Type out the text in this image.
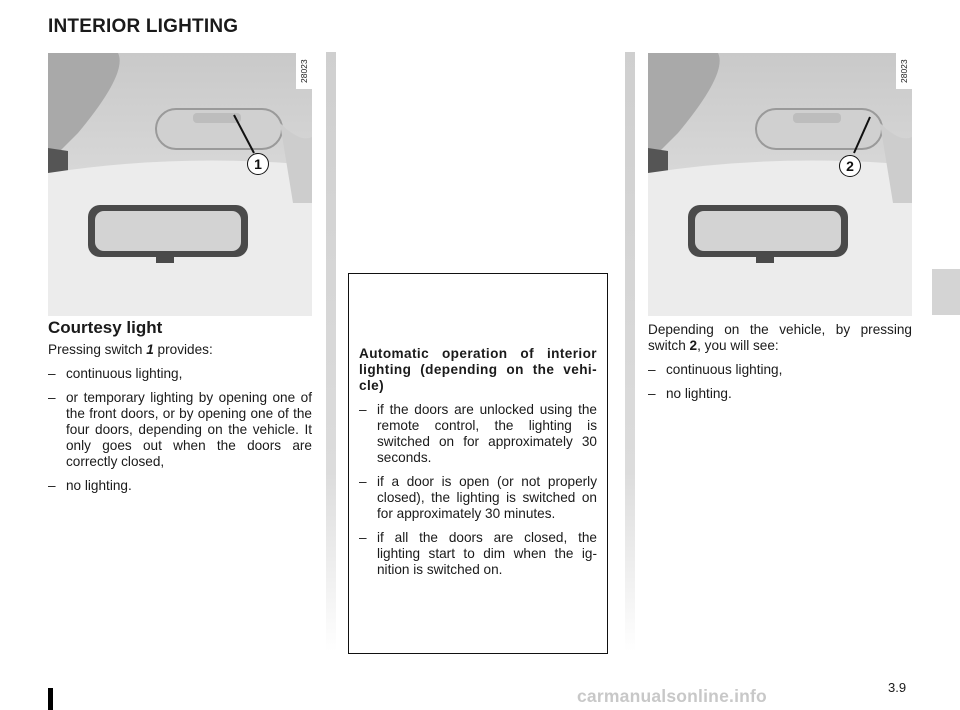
INTERIOR LIGHTING
28023
1
28023
2
Courtesy light

Pressing switch 1 provides:

– continuous lighting,

– or temporary lighting by opening one of the front doors, or by opening one of the four doors, depending on the vehicle. It only goes out when the doors are correctly closed,

– no lighting.

Automatic operation of interior lighting (depending on the vehi-cle)

– if the doors are unlocked using the remote control, the lighting is switched on for approximately 30 seconds.

– if a door is open (or not properly closed), the lighting is switched on for approximately 30 minutes.

– if all the doors are closed, the lighting start to dim when the ig-nition is switched on.

Depending on the vehicle, by pressing switch 2, you will see:

– continuous lighting,

– no lighting.

3.9
carmanualsonline.info
